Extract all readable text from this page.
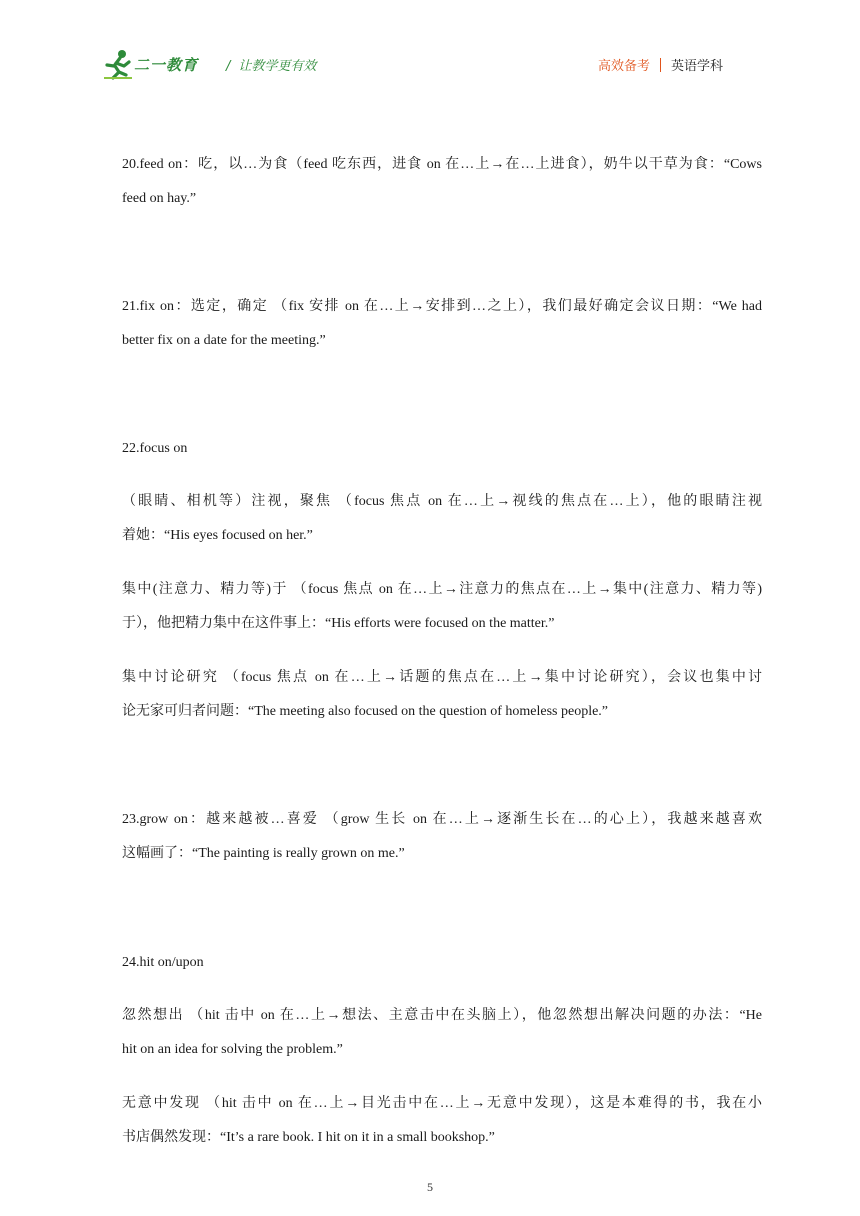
二一教育 / 让教学更有效	高效备考 英语学科
20.feed on：吃，以…为食（feed 吃东西，进食 on 在…上→在…上进食），奶牛以干草为食：“Cows
feed on hay.”
21.fix on：选定，确定 （fix 安排 on 在…上→安排到…之上），我们最好确定会议日期：“We had
better fix on a date for the meeting.”
22.focus on
（眼睛、相机等）注视，聚焦 （focus 焦点 on 在…上→视线的焦点在…上），他的眼睛注视
着她：“His eyes focused on her.”
集中(注意力、精力等)于 （focus 焦点 on 在…上→注意力的焦点在…上→集中(注意力、精力等)
于），他把精力集中在这件事上：“His efforts were focused on the matter.”
集中讨论研究 （focus 焦点 on 在…上→话题的焦点在…上→集中讨论研究），会议也集中讨
论无家可归者问题：“The meeting also focused on the question of homeless people.”
23.grow on：越来越被…喜爱 （grow 生长 on 在…上→逐渐生长在…的心上），我越来越喜欢
这幅画了：“The painting is really grown on me.”
24.hit on/upon
忽然想出 （hit 击中 on 在…上→想法、主意击中在头脑上），他忽然想出解决问题的办法：“He
hit on an idea for solving the problem.”
无意中发现 （hit 击中 on 在…上→目光击中在…上→无意中发现），这是本难得的书，我在小
书店偶然发现：“It’s a rare book. I hit on it in a small bookshop.”
5
